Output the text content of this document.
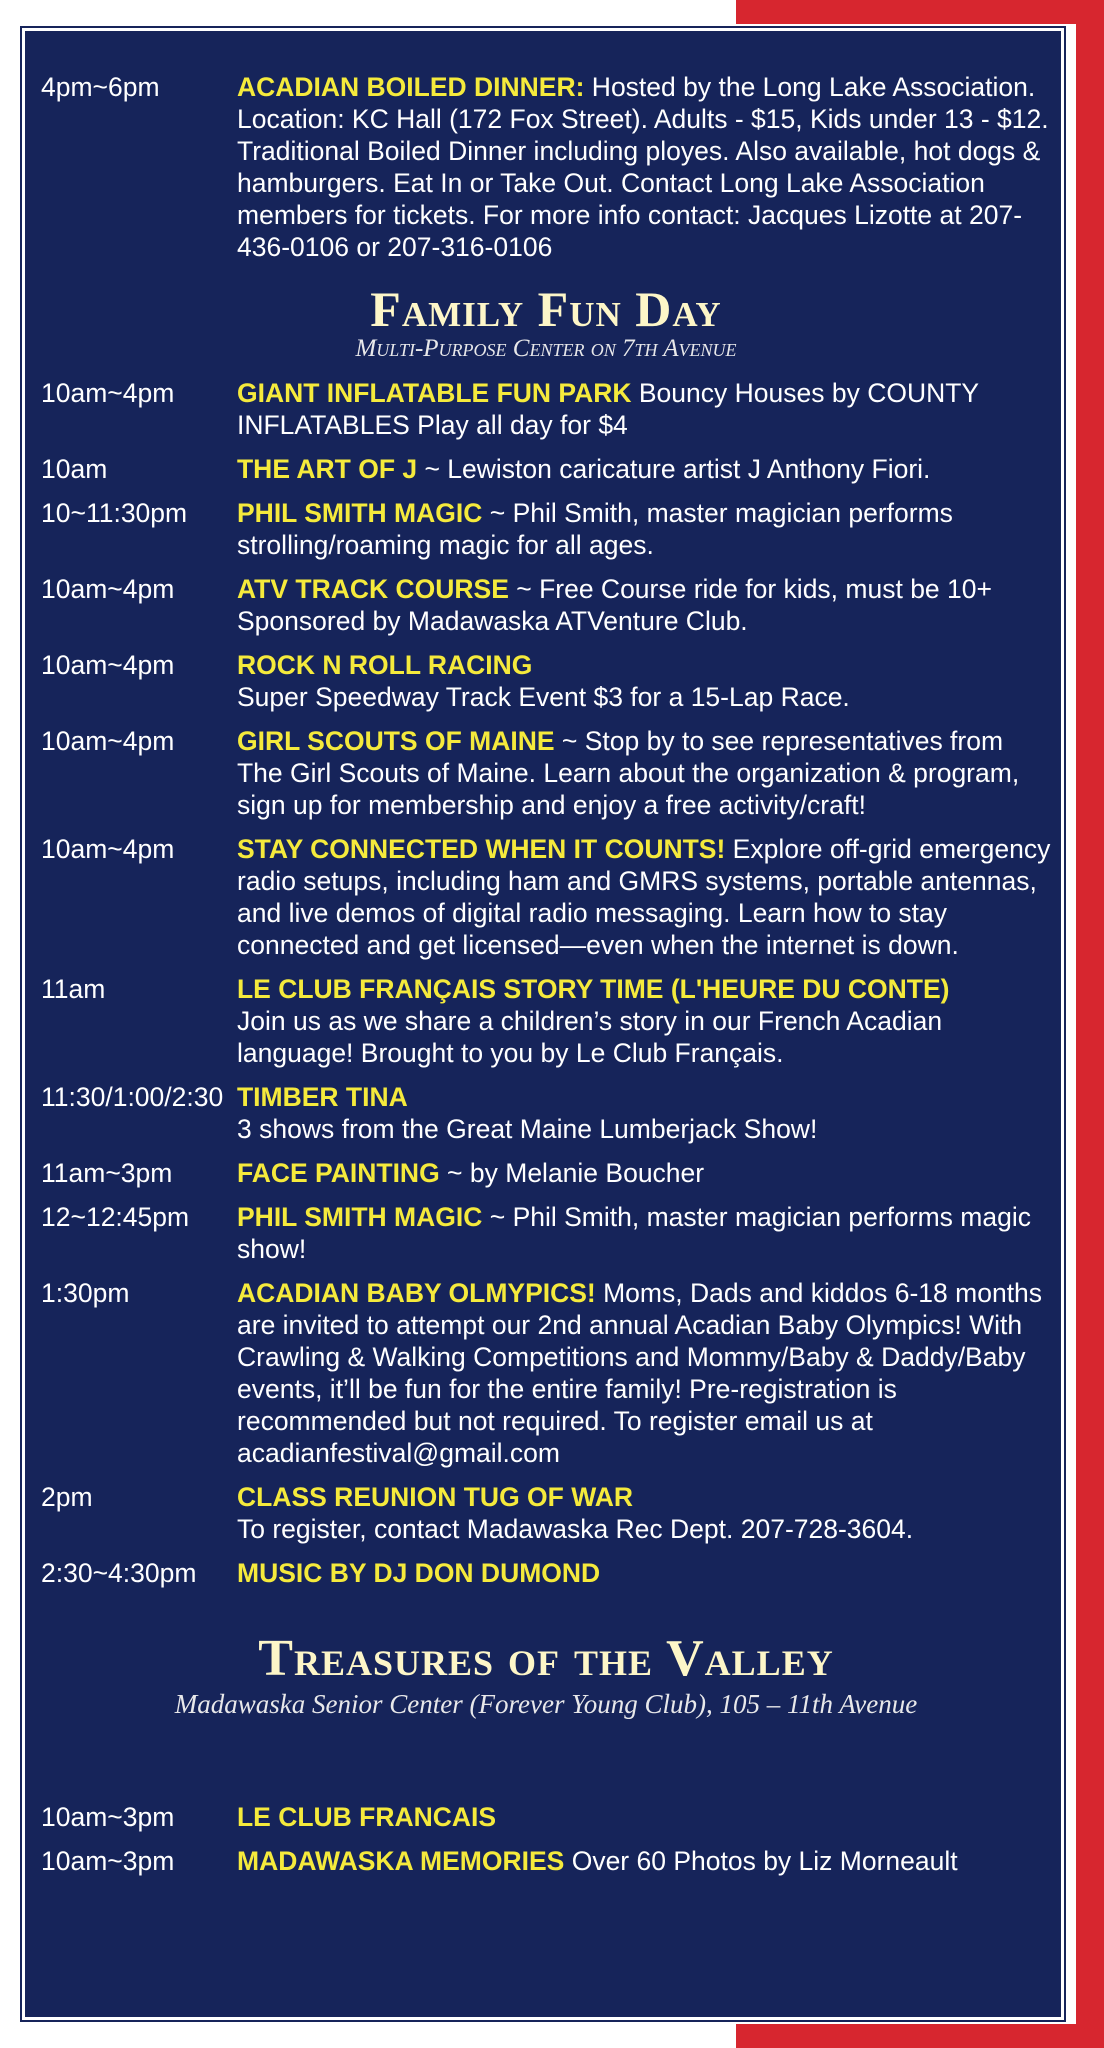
4pm~6pm	ACADIAN BOILED DINNER: Hosted by the Long Lake Association. Location: KC Hall (172 Fox Street). Adults - $15, Kids under 13 - $12. Traditional Boiled Dinner including ployes. Also available, hot dogs & hamburgers. Eat In or Take Out. Contact Long Lake Association members for tickets. For more info contact: Jacques Lizotte at 207-436-0106 or 207-316-0106
Family Fun Day
Multi-Purpose Center on 7th Avenue
10am~4pm	GIANT INFLATABLE FUN PARK Bouncy Houses by COUNTY INFLATABLES Play all day for $4
10am	THE ART OF J ~ Lewiston caricature artist J Anthony Fiori.
10~11:30pm	PHIL SMITH MAGIC ~ Phil Smith, master magician performs strolling/roaming magic for all ages.
10am~4pm	ATV TRACK COURSE ~ Free Course ride for kids, must be 10+ Sponsored by Madawaska ATVenture Club.
10am~4pm	ROCK N ROLL RACING
Super Speedway Track Event $3 for a 15-Lap Race.
10am~4pm	GIRL SCOUTS OF MAINE ~ Stop by to see representatives from The Girl Scouts of Maine. Learn about the organization & program, sign up for membership and enjoy a free activity/craft!
10am~4pm	STAY CONNECTED WHEN IT COUNTS! Explore off-grid emergency radio setups, including ham and GMRS systems, portable antennas, and live demos of digital radio messaging. Learn how to stay connected and get licensed—even when the internet is down.
11am	LE CLUB FRANÇAIS STORY TIME (L'HEURE DU CONTE)
Join us as we share a children’s story in our French Acadian language! Brought to you by Le Club Français.
11:30/1:00/2:30 TIMBER TINA
3 shows from the Great Maine Lumberjack Show!
11am~3pm	FACE PAINTING ~ by Melanie Boucher
12~12:45pm	PHIL SMITH MAGIC ~ Phil Smith, master magician performs magic show!
1:30pm	ACADIAN BABY OLMYPICS! Moms, Dads and kiddos 6-18 months are invited to attempt our 2nd annual Acadian Baby Olympics! With Crawling & Walking Competitions and Mommy/Baby & Daddy/Baby events, it’ll be fun for the entire family! Pre-registration is recommended but not required. To register email us at acadianfestival@gmail.com
2pm	CLASS REUNION TUG OF WAR
To register, contact Madawaska Rec Dept. 207-728-3604.
2:30~4:30pm	MUSIC BY DJ DON DUMOND
Treasures of the Valley
Madawaska Senior Center (Forever Young Club), 105 – 11th Avenue
10am~3pm	LE CLUB FRANCAIS
10am~3pm	MADAWASKA MEMORIES Over 60 Photos by Liz Morneault
